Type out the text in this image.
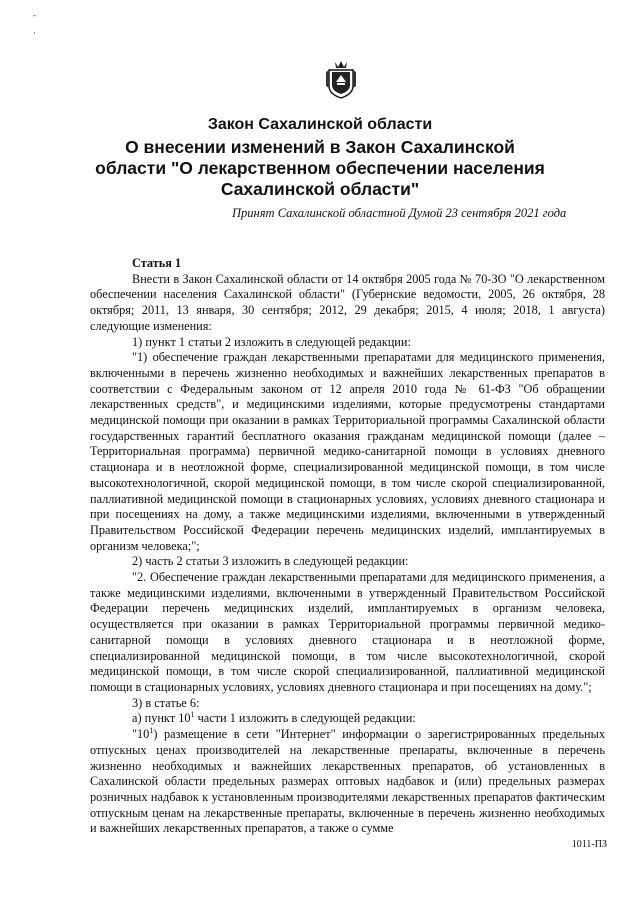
-
·
Закон Сахалинской области
О внесении изменений в Закон Сахалинской
области "О лекарственном обеспечении населения
Сахалинской области"
Принят Сахалинской областной Думой 23 сентября 2021 года
Статья 1

Внести в Закон Сахалинской области от 14 октября 2005 года № 70-ЗО "О лекарственном обеспечении населения Сахалинской области" (Губернские ведомости, 2005, 26 октября, 28 октября; 2011, 13 января, 30 сентября; 2012, 29 декабря; 2015, 4 июля; 2018, 1 августа) следующие изменения:

1) пункт 1 статьи 2 изложить в следующей редакции:

"1) обеспечение граждан лекарственными препаратами для медицинского применения, включенными в перечень жизненно необходимых и важнейших лекарственных препаратов в соответствии с Федеральным законом от 12 апреля 2010 года № 61-ФЗ "Об обращении лекарственных средств", и медицинскими изделиями, которые предусмотрены стандартами медицинской помощи при оказании в рамках Территориальной программы Сахалинской области государственных гарантий бесплатного оказания гражданам медицинской помощи (далее – Территориальная программа) первичной медико-санитарной помощи в условиях дневного стационара и в неотложной форме, специализированной медицинской помощи, в том числе высокотехнологичной, скорой медицинской помощи, в том числе скорой специализированной, паллиативной медицинской помощи в стационарных условиях, условиях дневного стационара и при посещениях на дому, а также медицинскими изделиями, включенными в утвержденный Правительством Российской Федерации перечень медицинских изделий, имплантируемых в организм человека;";

2) часть 2 статьи 3 изложить в следующей редакции:

"2. Обеспечение граждан лекарственными препаратами для медицинского применения, а также медицинскими изделиями, включенными в утвержденный Правительством Российской Федерации перечень медицинских изделий, имплантируемых в организм человека, осуществляется при оказании в рамках Территориальной программы первичной медико-санитарной помощи в условиях дневного стационара и в неотложной форме, специализированной медицинской помощи, в том числе высокотехнологичной, скорой медицинской помощи, в том числе скорой специализированной, паллиативной медицинской помощи в стационарных условиях, условиях дневного стационара и при посещениях на дому.";

3) в статье 6:

а) пункт $10^1$ части 1 изложить в следующей редакции:

"$10^1$) размещение в сети "Интернет" информации о зарегистрированных предельных отпускных ценах производителей на лекарственные препараты, включенные в перечень жизненно необходимых и важнейших лекарственных препаратов, об установленных в Сахалинской области предельных размерах оптовых надбавок и (или) предельных размерах розничных надбавок к установленным производителями лекарственных препаратов фактическим отпускным ценам на лекарственные препараты, включенные в перечень жизненно необходимых и важнейших лекарственных препаратов, а также о сумме

1011-ПЗ
